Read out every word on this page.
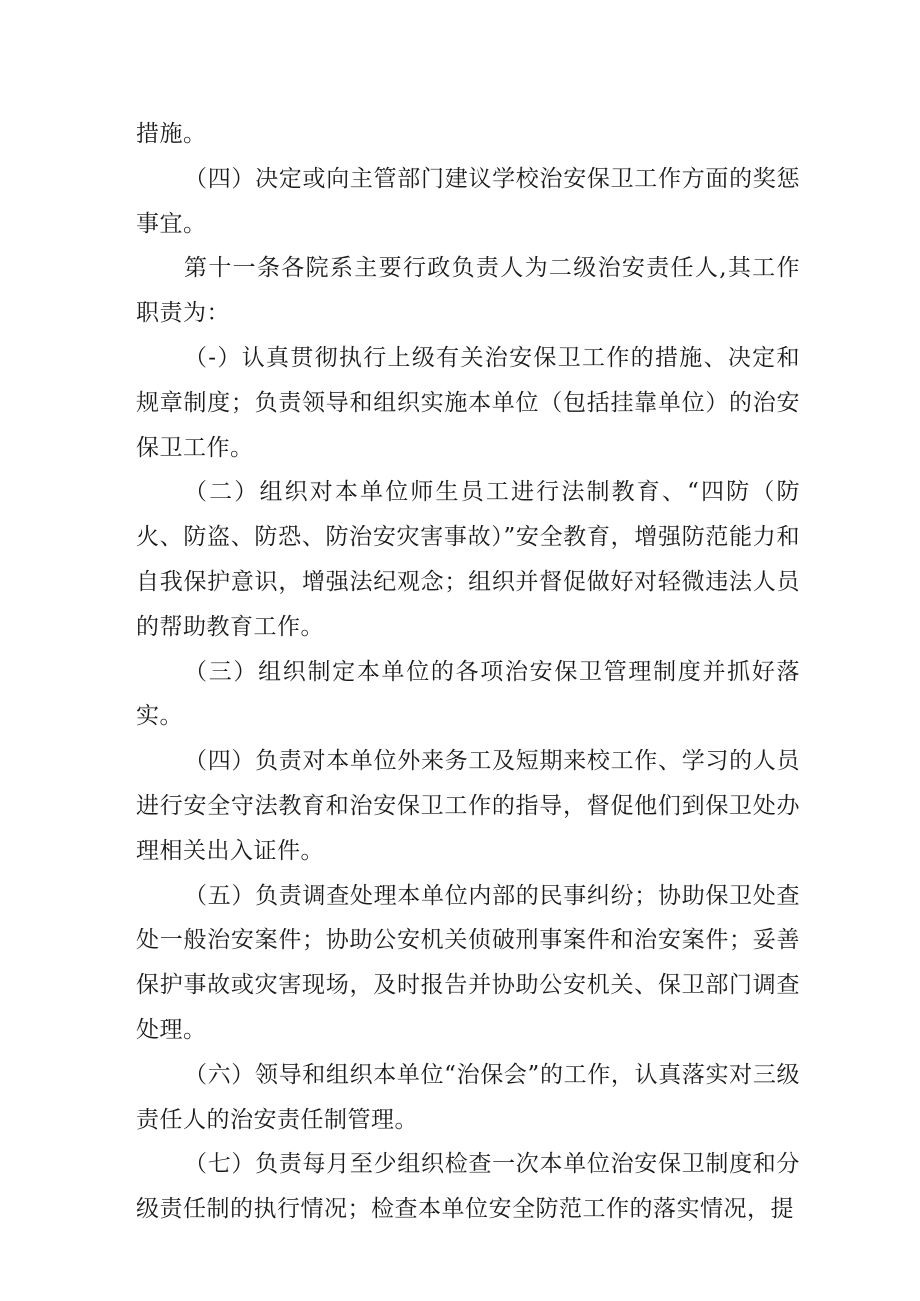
措施。

（四）决定或向主管部门建议学校治安保卫工作方面的奖惩事宜。

第十一条各院系主要行政负责人为二级治安责任人,其工作职责为：

（-）认真贯彻执行上级有关治安保卫工作的措施、决定和规章制度；负责领导和组织实施本单位（包括挂靠单位）的治安保卫工作。

（二）组织对本单位师生员工进行法制教育、“四防（防火、防盗、防恐、防治安灾害事故）”安全教育，增强防范能力和自我保护意识，增强法纪观念；组织并督促做好对轻微违法人员的帮助教育工作。

（三）组织制定本单位的各项治安保卫管理制度并抓好落实。

（四）负责对本单位外来务工及短期来校工作、学习的人员进行安全守法教育和治安保卫工作的指导，督促他们到保卫处办理相关出入证件。

（五）负责调查处理本单位内部的民事纠纷；协助保卫处查处一般治安案件；协助公安机关侦破刑事案件和治安案件；妥善保护事故或灾害现场，及时报告并协助公安机关、保卫部门调查处理。

（六）领导和组织本单位“治保会”的工作，认真落实对三级责任人的治安责任制管理。

（七）负责每月至少组织检查一次本单位治安保卫制度和分级责任制的执行情况；检查本单位安全防范工作的落实情况，提
